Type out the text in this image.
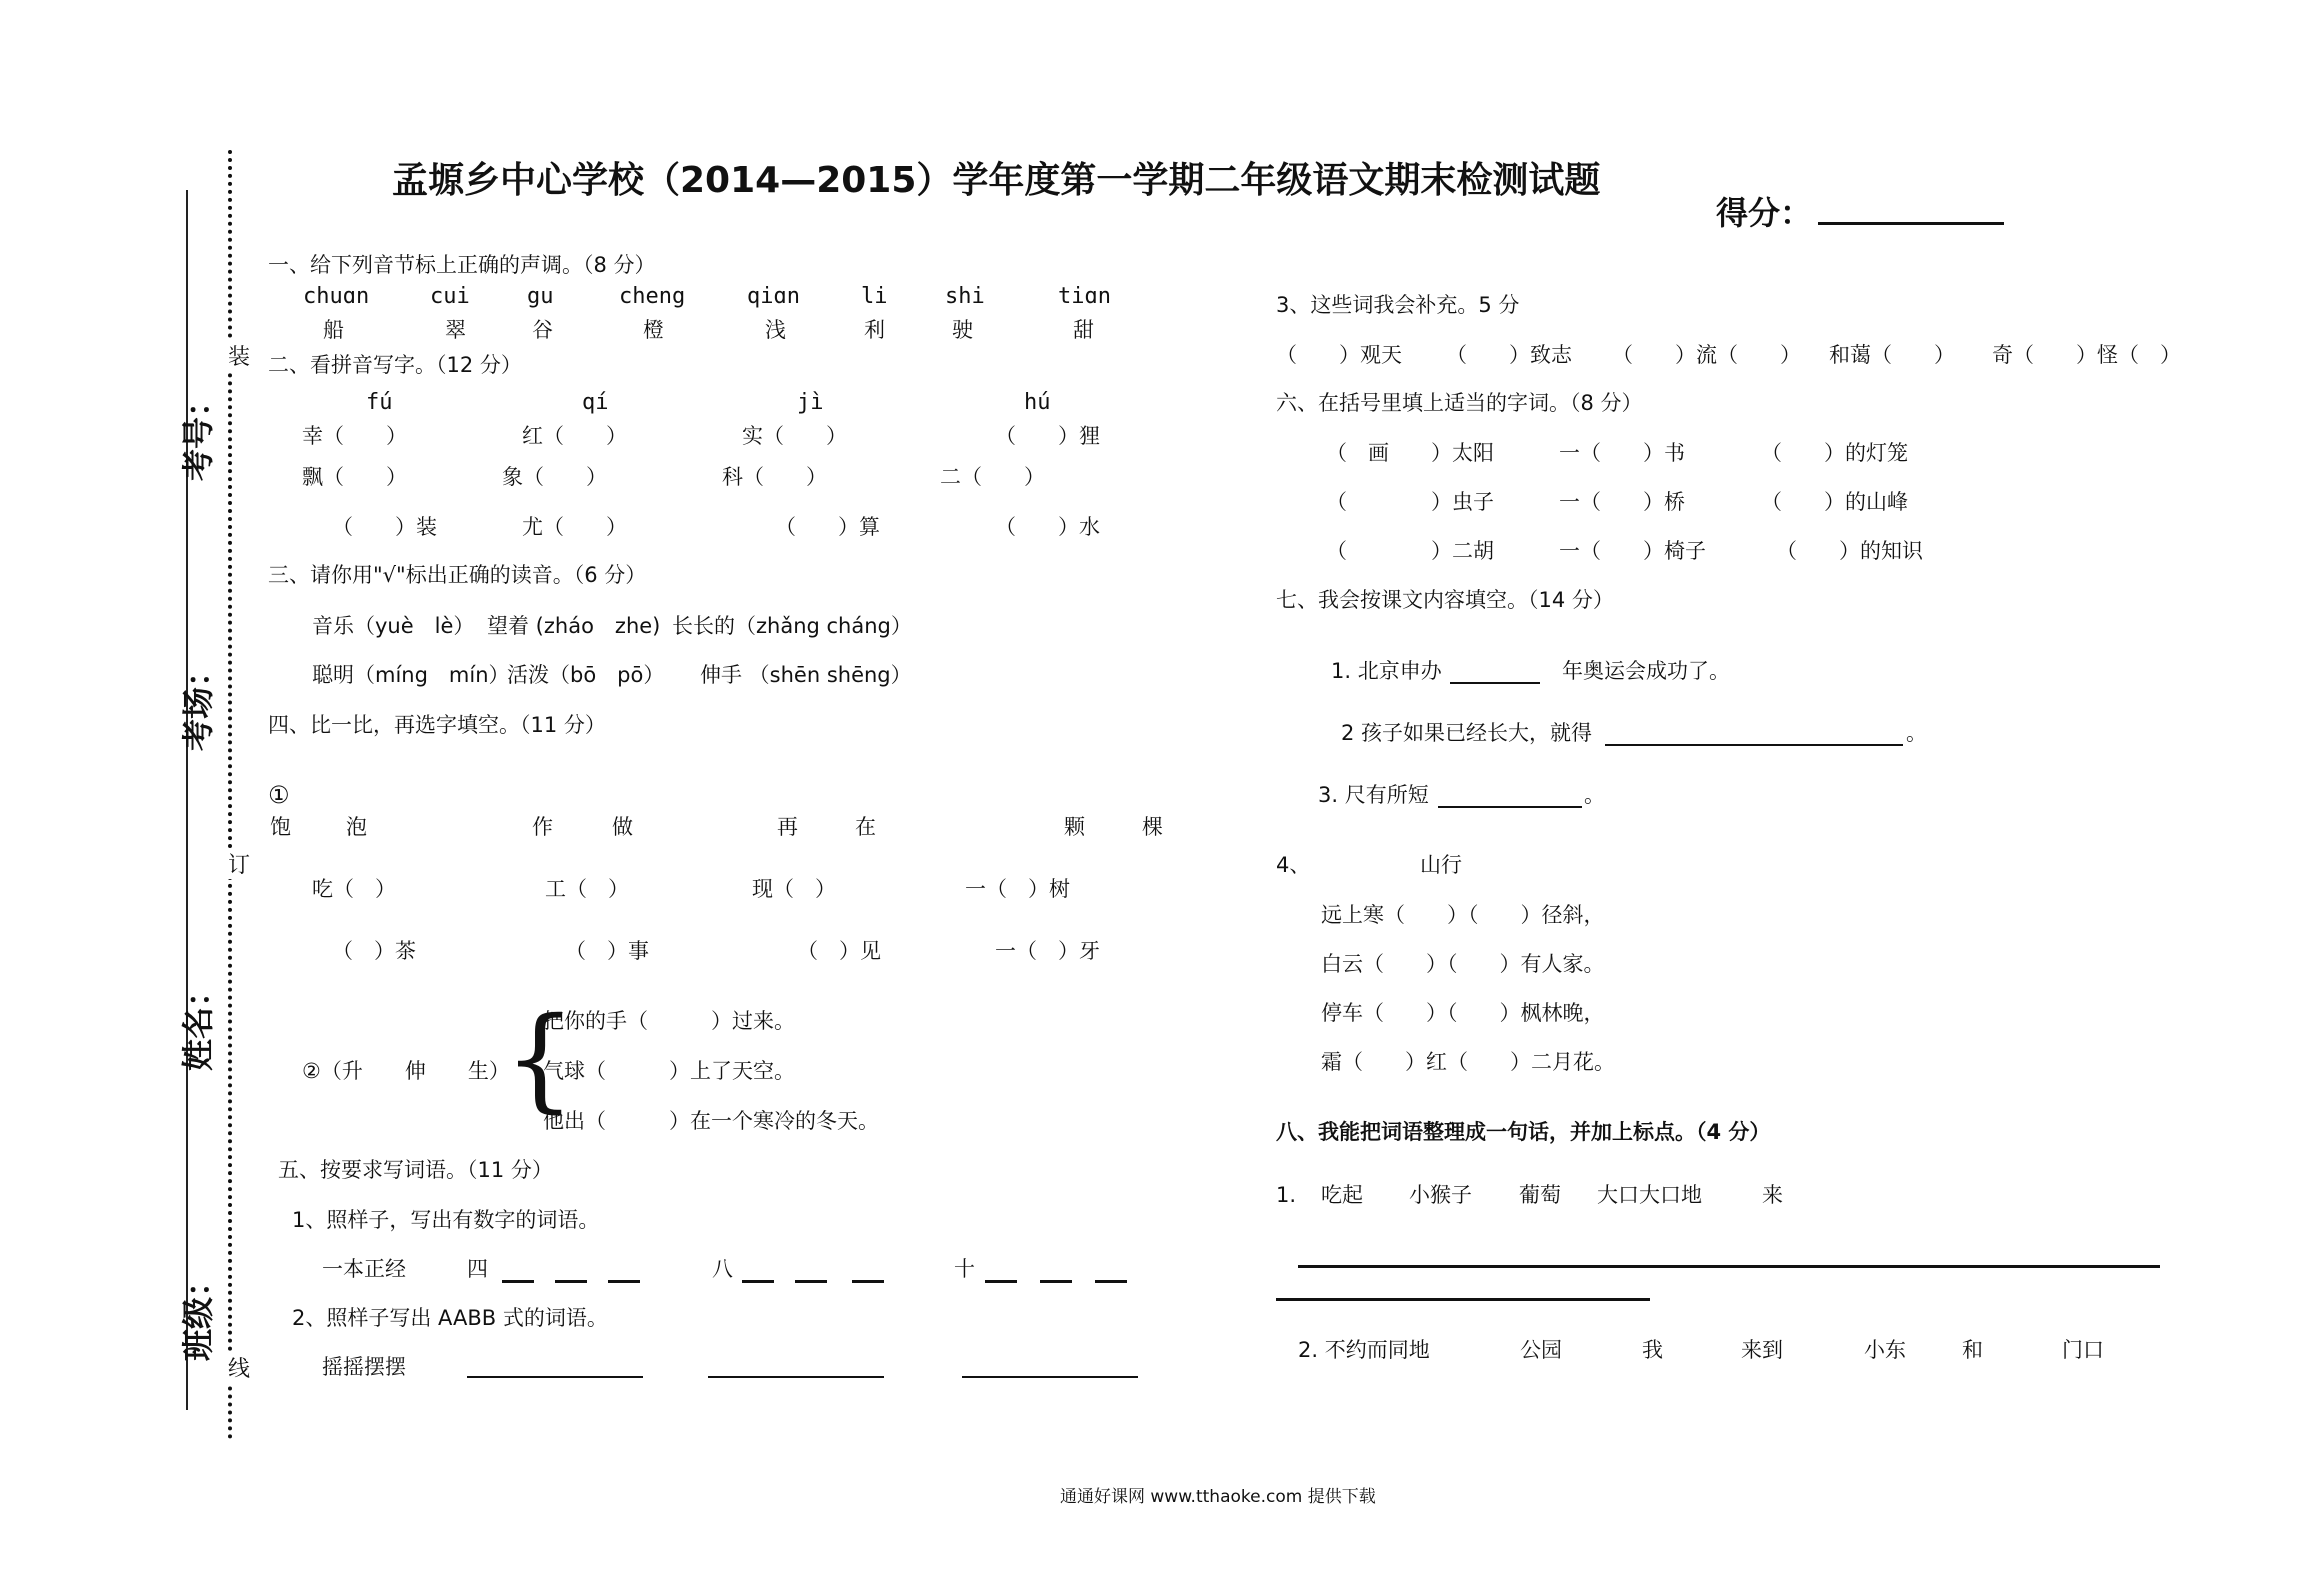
考号：
考场：
姓名：
班级：
装
订
线
孟塬乡中心学校（2014—2015）学年度第一学期二年级语文期末检测试题
得分：
一、给下列音节标上正确的声调。（8 分）
chuɑn	cui	gu	cheng	qiɑn	li	shi	tiɑn
船	翠	谷	橙	浅	利	驶	甜
二、看拼音写字。（12 分）
fú	qí	jì	hú
幸（　　）	红（　　）	实（　　）	（　　）狸
飘（　　）	象（　　）	科（　　）	二（　　）
（　　）装	尤（　　）	（　　）算	（　　）水
三、请你用"√"标出正确的读音。（6 分）
音乐（yuè　lè） 望着 (zháo　zhe) 长长的（zhǎng cháng）
聪明（míng　mín）
活泼（bō　pō） 伸手 （shēn shēng）
四、比一比，再选字填空。（11 分）
①
饱	泡	作	做	再	在	颗	棵
吃（　）	工（　）	现（　）	一（　）树
（　）茶	（　）事	（　）见	一（　）牙
②（升　　伸　　生）
{
把你的手（　　　）过来。
气球（　　　）上了天空。
他出（　　　）在一个寒冷的冬天。
五、按要求写词语。（11 分）
1、照样子，写出有数字的词语。
一本正经	四	八	十
2、照样子写出 AABB 式的词语。
摇摇摆摆
3、这些词我会补充。5 分
（　　）观天 （　　）致志 （　　）流（　　） 和蔼（　　） 奇（　　）怪（　）
六、在括号里填上适当的字词。（8 分）
（　画　　）太阳	一（　　）书	（　　）的灯笼
（　　　　）虫子	一（　　）桥	（　　）的山峰
（　　　　）二胡	一（　　）椅子	（　　）的知识
七、我会按课文内容填空。（14 分）
1. 北京申办	年奥运会成功了。
2 孩子如果已经长大，就得	。
3. 尺有所短	。
4、	山行
远上寒（　　）（　　）径斜，
白云（　　）（　　）有人家。
停车（　　）（　　）枫林晚，
霜（　　）红（　　）二月花。
八、我能把词语整理成一句话，并加上标点。（4 分）
1. 吃起 小猴子 葡萄 大口大口地	来
2. 不约而同地	公园	我	来到	小东	和	门口
通通好课网 www.tthaoke.com 提供下载
